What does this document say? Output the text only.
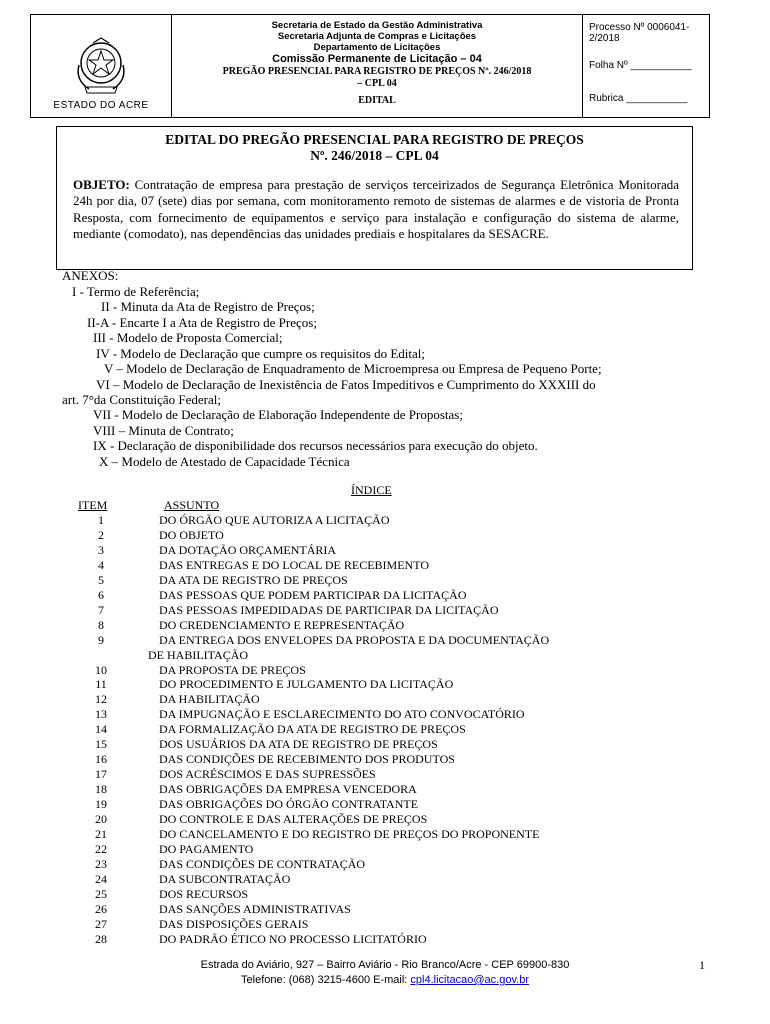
ESTADO DO ACRE
Secretaria de Estado da Gestão Administrativa
Secretaria Adjunta de Compras e Licitações
Departamento de Licitações
Comissão Permanente de Licitação – 04
PREGÃO PRESENCIAL PARA REGISTRO DE PREÇOS Nº. 246/2018
– CPL 04
EDITAL
Processo Nº 0006041-2/2018
Folha Nº ___________
Rubrica ___________
EDITAL DO PREGÃO PRESENCIAL PARA REGISTRO DE PREÇOS
Nº. 246/2018 – CPL 04
OBJETO: Contratação de empresa para prestação de serviços terceirizados de Segurança Eletrônica Monitorada 24h por dia, 07 (sete) dias por semana, com monitoramento remoto de sistemas de alarmes e de vistoria de Pronta Resposta, com fornecimento de equipamentos e serviço para instalação e configuração do sistema de alarme, mediante (comodato), nas dependências das unidades prediais e hospitalares da SESACRE.
ANEXOS:
I - Termo de Referência;
II - Minuta da Ata de Registro de Preços;
II-A - Encarte I a Ata de Registro de Preços;
III - Modelo de Proposta Comercial;
IV - Modelo de Declaração que cumpre os requisitos do Edital;
V – Modelo de Declaração de Enquadramento de Microempresa ou Empresa de Pequeno Porte;
VI – Modelo de Declaração de Inexistência de Fatos Impeditivos e Cumprimento do XXXIII do
art. 7°da Constituição Federal;
VII - Modelo de Declaração de Elaboração Independente de Propostas;
VIII – Minuta de Contrato;
IX - Declaração de disponibilidade dos recursos necessários para execução do objeto.
X – Modelo de Atestado de Capacidade Técnica
ÍNDICE
ITEM	ASSUNTO
1	DO ÓRGÃO QUE AUTORIZA A LICITAÇÃO
2	DO OBJETO
3	DA DOTAÇÃO ORÇAMENTÁRIA
4	DAS ENTREGAS E DO LOCAL DE RECEBIMENTO
5	DA ATA DE REGISTRO DE PREÇOS
6	DAS PESSOAS QUE PODEM PARTICIPAR DA LICITAÇÃO
7	DAS PESSOAS IMPEDIDADAS DE PARTICIPAR DA LICITAÇÃO
8	DO CREDENCIAMENTO E REPRESENTAÇÃO
9	DA ENTREGA DOS ENVELOPES DA PROPOSTA E DA DOCUMENTAÇÃO
DE HABILITAÇÃO
10	DA PROPOSTA DE PREÇOS
11	DO PROCEDIMENTO E JULGAMENTO DA LICITAÇÃO
12	DA HABILITAÇÃO
13	DA IMPUGNAÇÃO E ESCLARECIMENTO DO ATO CONVOCATÓRIO
14	DA FORMALIZAÇÃO DA ATA DE REGISTRO DE PREÇOS
15	DOS USUÁRIOS DA ATA DE REGISTRO DE PREÇOS
16	DAS CONDIÇÕES DE RECEBIMENTO DOS PRODUTOS
17	DOS ACRÉSCIMOS E DAS SUPRESSÕES
18	DAS OBRIGAÇÕES DA EMPRESA VENCEDORA
19	DAS OBRIGAÇÕES DO ÓRGÃO CONTRATANTE
20	DO CONTROLE E DAS ALTERAÇÕES DE PREÇOS
21	DO CANCELAMENTO E DO REGISTRO DE PREÇOS DO PROPONENTE
22	DO PAGAMENTO
23	DAS CONDIÇÕES DE CONTRATAÇÃO
24	DA SUBCONTRATAÇÃO
25	DOS RECURSOS
26	DAS SANÇÕES ADMINISTRATIVAS
27	DAS DISPOSIÇÕES GERAIS
28	DO PADRÃO ÉTICO NO PROCESSO LICITATÓRIO
Estrada do Aviário, 927 – Bairro Aviário - Rio Branco/Acre - CEP 69900-830
Telefone: (068) 3215-4600 E-mail: cpl4.licitacao@ac.gov.br
1
